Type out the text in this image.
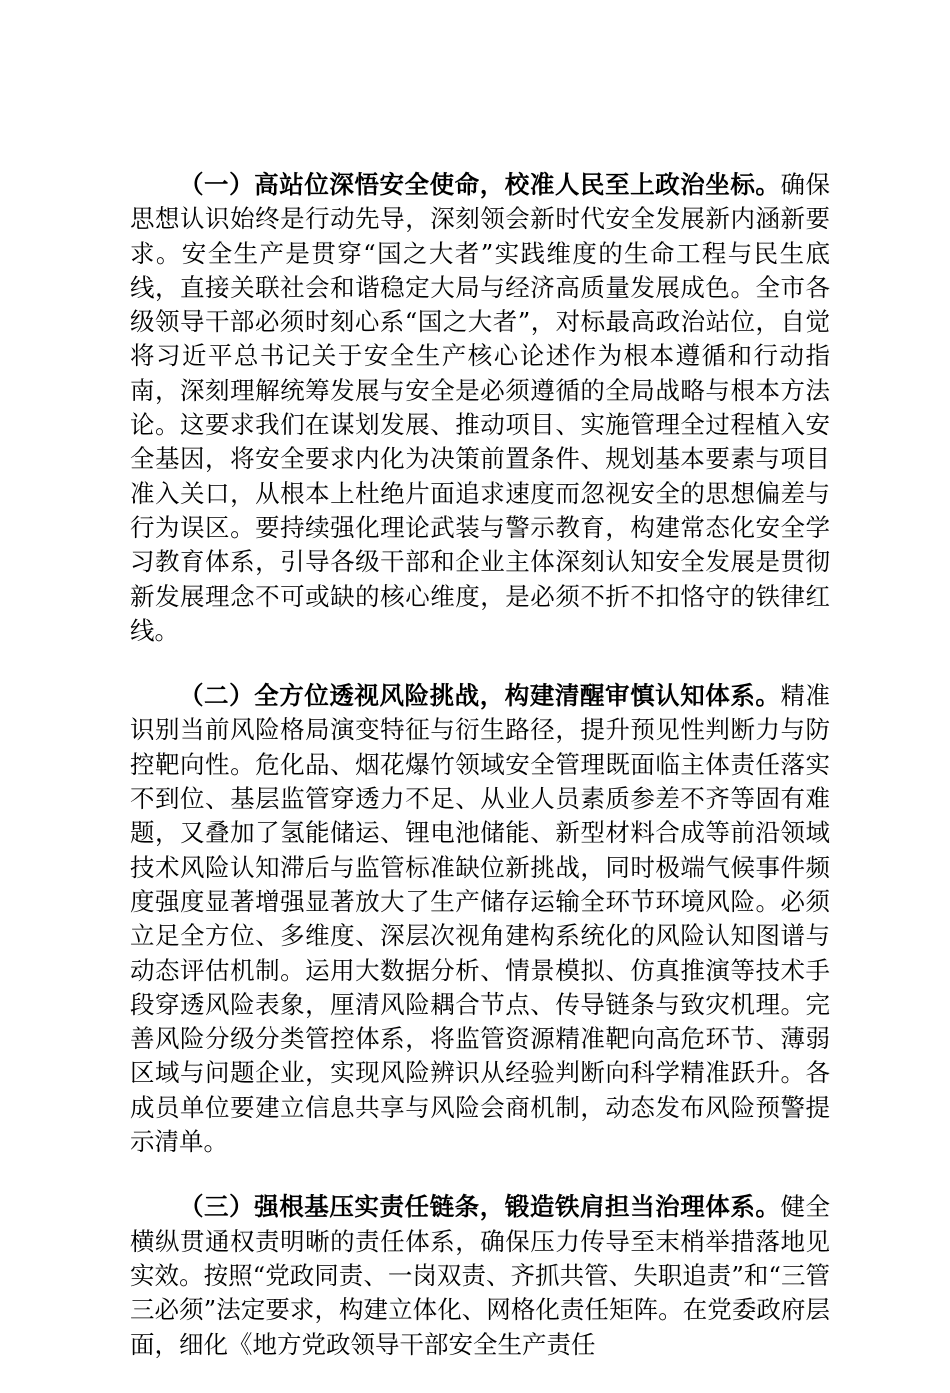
（一）高站位深悟安全使命，校准人民至上政治坐标。确保思想认识始终是行动先导，深刻领会新时代安全发展新内涵新要求。安全生产是贯穿“国之大者”实践维度的生命工程与民生底线，直接关联社会和谐稳定大局与经济高质量发展成色。全市各级领导干部必须时刻心系“国之大者”，对标最高政治站位，自觉将习近平总书记关于安全生产核心论述作为根本遵循和行动指南，深刻理解统筹发展与安全是必须遵循的全局战略与根本方法论。这要求我们在谋划发展、推动项目、实施管理全过程植入安全基因，将安全要求内化为决策前置条件、规划基本要素与项目准入关口，从根本上杜绝片面追求速度而忽视安全的思想偏差与行为误区。要持续强化理论武装与警示教育，构建常态化安全学习教育体系，引导各级干部和企业主体深刻认知安全发展是贯彻新发展理念不可或缺的核心维度，是必须不折不扣恪守的铁律红线。

（二）全方位透视风险挑战，构建清醒审慎认知体系。精准识别当前风险格局演变特征与衍生路径，提升预见性判断力与防控靶向性。危化品、烟花爆竹领域安全管理既面临主体责任落实不到位、基层监管穿透力不足、从业人员素质参差不齐等固有难题，又叠加了氢能储运、锂电池储能、新型材料合成等前沿领域技术风险认知滞后与监管标准缺位新挑战，同时极端气候事件频度强度显著增强显著放大了生产储存运输全环节环境风险。必须立足全方位、多维度、深层次视角建构系统化的风险认知图谱与动态评估机制。运用大数据分析、情景模拟、仿真推演等技术手段穿透风险表象，厘清风险耦合节点、传导链条与致灾机理。完善风险分级分类管控体系，将监管资源精准靶向高危环节、薄弱区域与问题企业，实现风险辨识从经验判断向科学精准跃升。各成员单位要建立信息共享与风险会商机制，动态发布风险预警提示清单。

（三）强根基压实责任链条，锻造铁肩担当治理体系。健全横纵贯通权责明晰的责任体系，确保压力传导至末梢举措落地见实效。按照“党政同责、一岗双责、齐抓共管、失职追责”和“三管三必须”法定要求，构建立体化、网格化责任矩阵。在党委政府层面，细化《地方党政领导干部安全生产责任
